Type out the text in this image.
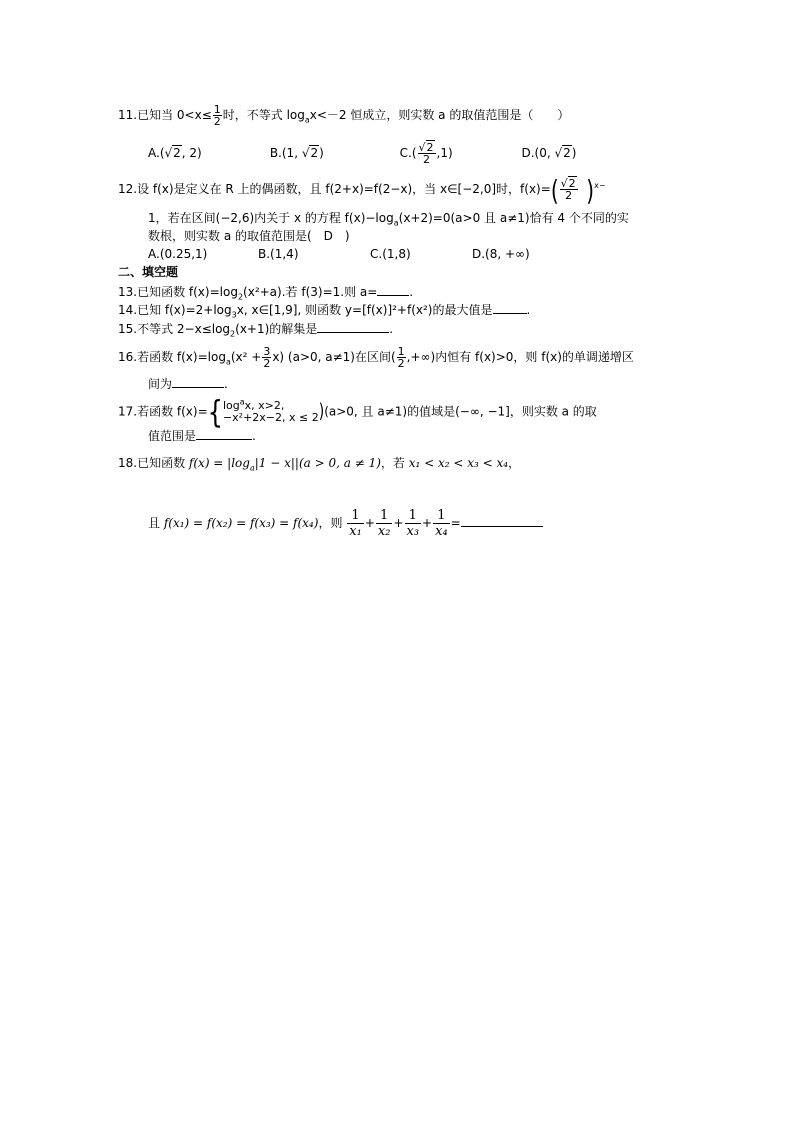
11.已知当 $0<x\le \frac{1}{2}$ 时，不等式 $\log_ax<-2$ 恒成立，则实数 a 的取值范围是（　　）
A.(√2, 2)	B.(1, √2)	$C.( \frac{√2}{2} ,1)$	D.(0, √2)
12.设 f(x)是定义在 R 上的偶函数，且 f(2+x)=f(2−x)，当 x∈[−2,0]时，$f(x)=( \frac{√2}{2} )^{x-}$
1，若在区间(−2,6)内关于 x 的方程 $f(x)-\log_a(x+2)=0(a>0$ 且 a≠1)恰有 4 个不同的实
数根，则实数 a 的取值范围是(　D　)
A.(0.25,1)	B.(1,4)	C.(1,8)	D.(8, +∞)
二、填空题
13.已知函数 $f(x)=\log_2(x^2+a)$.若 f(3)=1.则 a=	.
14.已知 $f(x)=2+\log_3x$, x∈[1,9], 则函数 y=[f(x)]²+f(x²)的最大值是	.
15.不等式 $2-x\le\log_2(x+1)$的解集是	.
16.若函数 $f(x)=\log_a(x^2 + \frac{3}{2} x)$ (a>0, a≠1)在区间( $\frac{1}{2}$ ,+∞)内恒有 f(x)>0，则 f(x)的单调递增区
间为	.
17.若函数 f(x)={ $\log^ax$, x>2,
−x²+2x−2, x ≤ 2 )(a>0, 且 a≠1)的值域是(−∞, −1]，则实数 a 的取
值范围是	.
18.已知函数 $f(x) = |\log_a|1 - x||(a > 0$, a ≠ 1)，若 x₁ < x₂ < x₃ < x₄，
且 f(x₁) = f(x₂) = f(x₃) = f(x₄)，则 $\frac{1}{\text{x₁}} + \frac{1}{\text{x₂}} + \frac{1}{\text{x₃}} + \frac{1}{\text{x₄}}$ =
